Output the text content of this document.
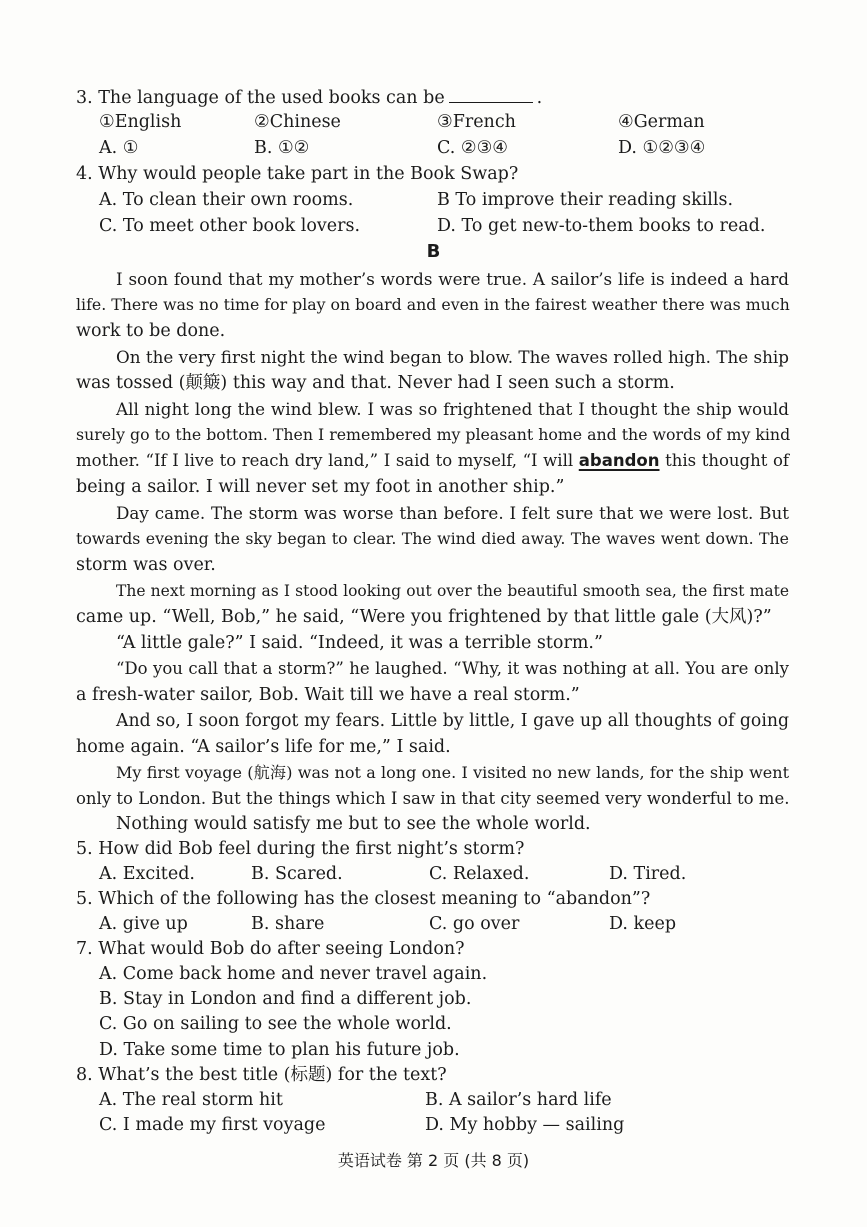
3. The language of the used books can be	.
①English	②Chinese	③French	④German
A. ①	B. ①②	C. ②③④	D. ①②③④
4. Why would people take part in the Book Swap?
A. To clean their own rooms.	B To improve their reading skills.
C. To meet other book lovers.	D. To get new-to-them books to read.
B
I soon found that my mother’s words were true. A sailor’s life is indeed a hard
life. There was no time for play on board and even in the fairest weather there was much
work to be done.
On the very first night the wind began to blow. The waves rolled high. The ship
was tossed (颠簸) this way and that. Never had I seen such a storm.
All night long the wind blew. I was so frightened that I thought the ship would
surely go to the bottom. Then I remembered my pleasant home and the words of my kind
mother. “If I live to reach dry land,” I said to myself, “I will abandon this thought of
being a sailor. I will never set my foot in another ship.”
Day came. The storm was worse than before. I felt sure that we were lost. But
towards evening the sky began to clear. The wind died away. The waves went down. The
storm was over.
The next morning as I stood looking out over the beautiful smooth sea, the first mate
came up. “Well, Bob,” he said, “Were you frightened by that little gale (大风)?”
“A little gale?” I said. “Indeed, it was a terrible storm.”
“Do you call that a storm?” he laughed. “Why, it was nothing at all. You are only
a fresh-water sailor, Bob. Wait till we have a real storm.”
And so, I soon forgot my fears. Little by little, I gave up all thoughts of going
home again. “A sailor’s life for me,” I said.
My first voyage (航海) was not a long one. I visited no new lands, for the ship went
only to London. But the things which I saw in that city seemed very wonderful to me.
Nothing would satisfy me but to see the whole world.
5. How did Bob feel during the first night’s storm?
A. Excited.	B. Scared.	C. Relaxed.	D. Tired.
5. Which of the following has the closest meaning to “abandon”?
A. give up	B. share	C. go over	D. keep
7. What would Bob do after seeing London?
A. Come back home and never travel again.
B. Stay in London and find a different job.
C. Go on sailing to see the whole world.
D. Take some time to plan his future job.
8. What’s the best title (标题) for the text?
A. The real storm hit	B. A sailor’s hard life
C. I made my first voyage	D. My hobby — sailing
英语试卷 第 2 页 (共 8 页)
